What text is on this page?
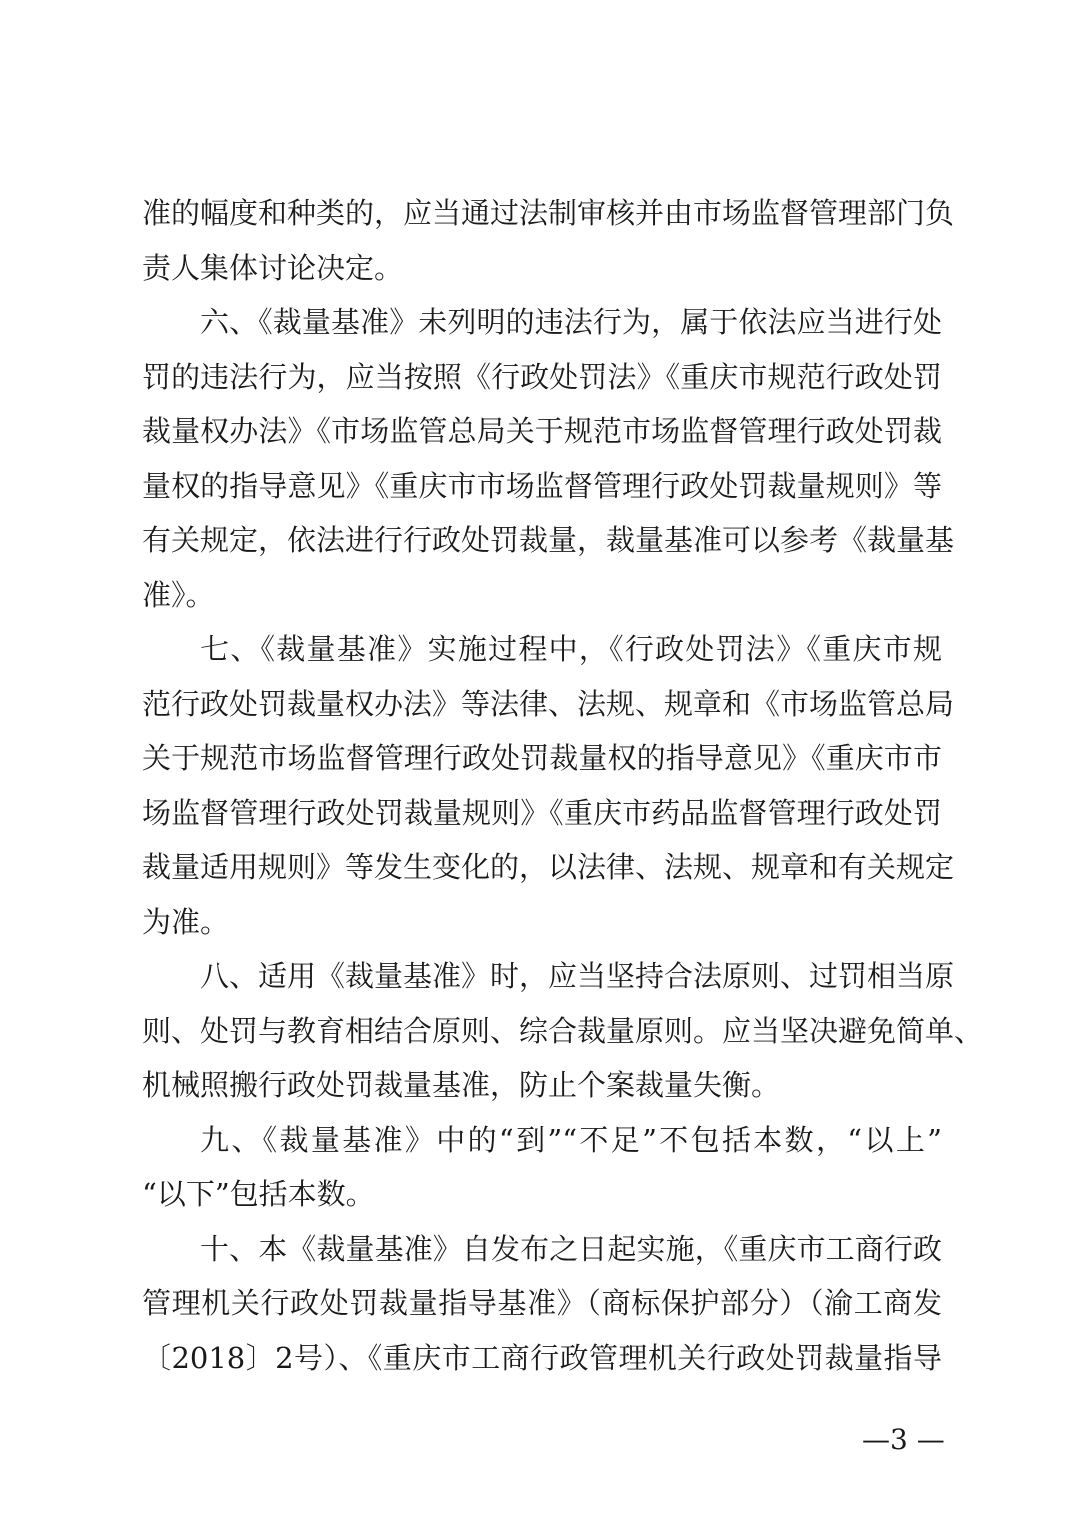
准的幅度和种类的，应当通过法制审核并由市场监督管理部门负
责人集体讨论决定。
六、《裁量基准》未列明的违法行为，属于依法应当进行处
罚的违法行为，应当按照《行政处罚法》《重庆市规范行政处罚
裁量权办法》《市场监管总局关于规范市场监督管理行政处罚裁
量权的指导意见》《重庆市市场监督管理行政处罚裁量规则》等
有关规定，依法进行行政处罚裁量，裁量基准可以参考《裁量基
准》。
七、《裁量基准》实施过程中，《行政处罚法》《重庆市规
范行政处罚裁量权办法》等法律、法规、规章和《市场监管总局
关于规范市场监督管理行政处罚裁量权的指导意见》《重庆市市
场监督管理行政处罚裁量规则》《重庆市药品监督管理行政处罚
裁量适用规则》等发生变化的，以法律、法规、规章和有关规定
为准。
八、适用《裁量基准》时，应当坚持合法原则、过罚相当原
则、处罚与教育相结合原则、综合裁量原则。应当坚决避免简单、
机械照搬行政处罚裁量基准，防止个案裁量失衡。
九、《裁量基准》中的“到”“不足”不包括本数，“以上”
“以下”包括本数。
十、本《裁量基准》自发布之日起实施，《重庆市工商行政
管理机关行政处罚裁量指导基准》（商标保护部分）（渝工商发
〔2018〕2号）、《重庆市工商行政管理机关行政处罚裁量指导
—3 —
